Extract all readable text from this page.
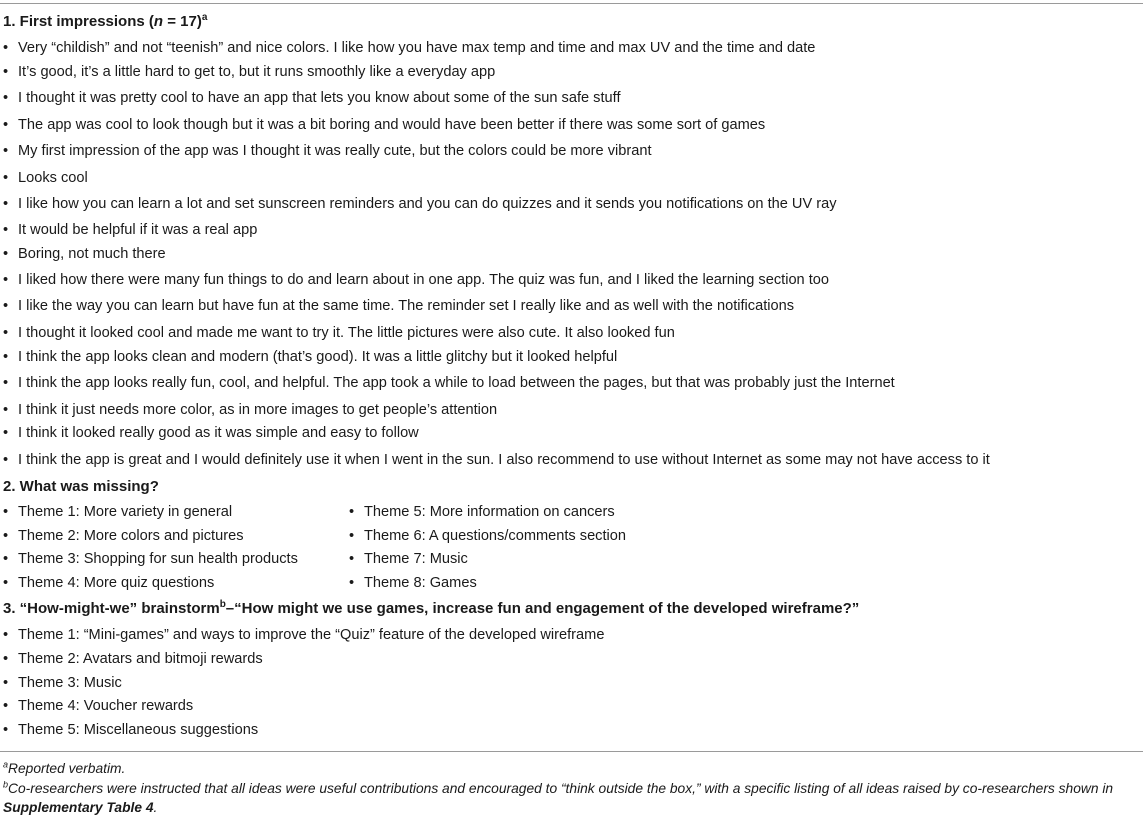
1. First impressions (n = 17)$^a$
• Very “childish” and not “teenish” and nice colors. I like how you have max temp and time and max UV and the time and date
• It’s good, it’s a little hard to get to, but it runs smoothly like a everyday app
• I thought it was pretty cool to have an app that lets you know about some of the sun safe stuff
• The app was cool to look though but it was a bit boring and would have been better if there was some sort of games
• My first impression of the app was I thought it was really cute, but the colors could be more vibrant
• Looks cool
• I like how you can learn a lot and set sunscreen reminders and you can do quizzes and it sends you notifications on the UV ray
• It would be helpful if it was a real app
• Boring, not much there
• I liked how there were many fun things to do and learn about in one app. The quiz was fun, and I liked the learning section too
• I like the way you can learn but have fun at the same time. The reminder set I really like and as well with the notifications
• I thought it looked cool and made me want to try it. The little pictures were also cute. It also looked fun
• I think the app looks clean and modern (that’s good). It was a little glitchy but it looked helpful
• I think the app looks really fun, cool, and helpful. The app took a while to load between the pages, but that was probably just the Internet
• I think it just needs more color, as in more images to get people’s attention
• I think it looked really good as it was simple and easy to follow
• I think the app is great and I would definitely use it when I went in the sun. I also recommend to use without Internet as some may not have access to it
2. What was missing?
• Theme 1: More variety in general
• Theme 2: More colors and pictures
• Theme 3: Shopping for sun health products
• Theme 4: More quiz questions
• Theme 5: More information on cancers
• Theme 6: A questions/comments section
• Theme 7: Music
• Theme 8: Games
3. “How-might-we” brainstorm$^b$–“How might we use games, increase fun and engagement of the developed wireframe?”
• Theme 1: “Mini-games” and ways to improve the “Quiz” feature of the developed wireframe
• Theme 2: Avatars and bitmoji rewards
• Theme 3: Music
• Theme 4: Voucher rewards
• Theme 5: Miscellaneous suggestions
$^a$Reported verbatim.
$^b$Co-researchers were instructed that all ideas were useful contributions and encouraged to “think outside the box,” with a specific listing of all ideas raised by co-researchers shown in
Supplementary Table 4.
